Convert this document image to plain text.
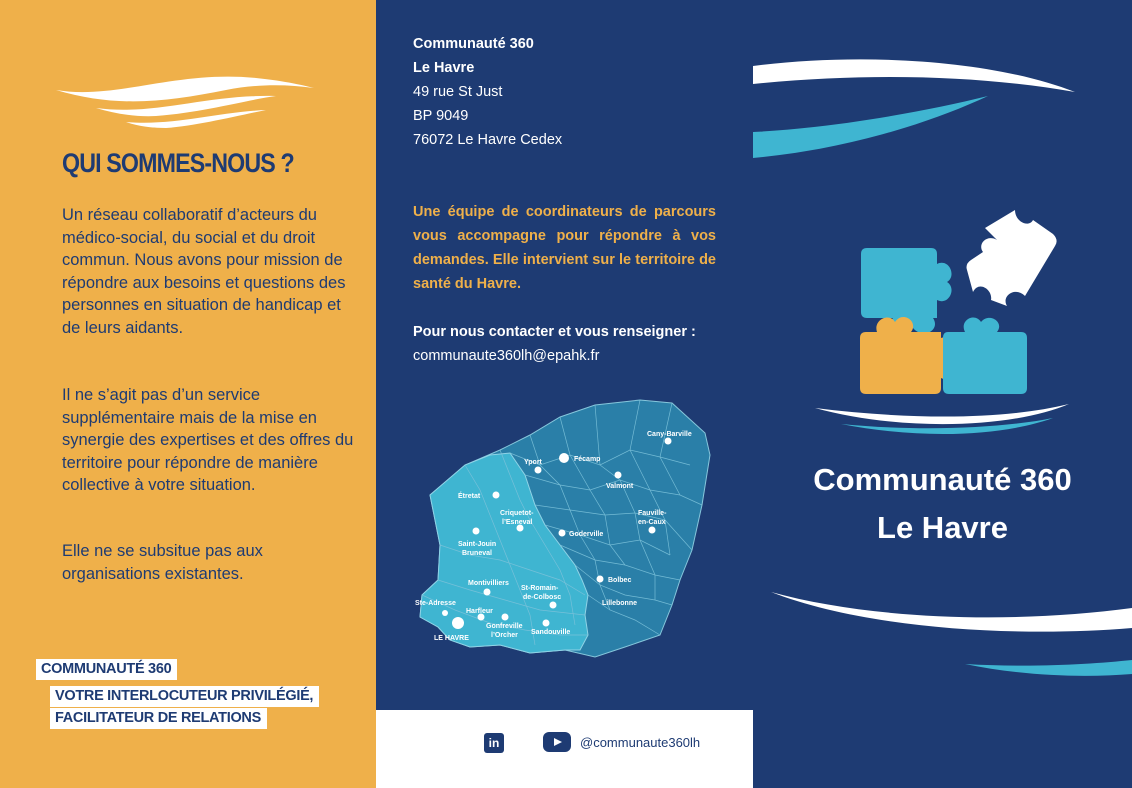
QUI SOMMES-NOUS ?

Un réseau collaboratif d’acteurs du médico-social, du social et du droit commun. Nous avons pour mission de répondre aux besoins et questions des personnes en situation de handicap et de leurs aidants.

Il ne s’agit pas d’un service supplémentaire mais de la mise en synergie des expertises et des offres du territoire pour répondre de manière collective à votre situation.

Elle ne se subsitue pas aux organisations existantes.

COMMUNAUTÉ 360
VOTRE INTERLOCUTEUR PRIVILÉGIÉ,
FACILITATEUR DE RELATIONS
Communauté 360
Le Havre
49 rue St Just
BP 9049
76072 Le Havre Cedex

Une équipe de coordinateurs de parcours vous accompagne pour répondre à vos demandes. Elle intervient sur le territoire de santé du Havre.

Pour nous contacter et vous renseigner :
communaute360lh@epahk.fr
Cany-Barville
Yport	Fécamp
Valmont
Étretat
Criquetot-
l’Esneval
Fauville-
en-Caux
Goderville
Saint-Jouin
Bruneval
Montivilliers
St-Romain-
de-Colbosc
Bolbec
Ste-Adresse
Harfleur
Lillebonne
Gonfreville
l’Orcher Sandouville
LE HAVRE
in	@communaute360lh
Communauté 360
Le Havre
